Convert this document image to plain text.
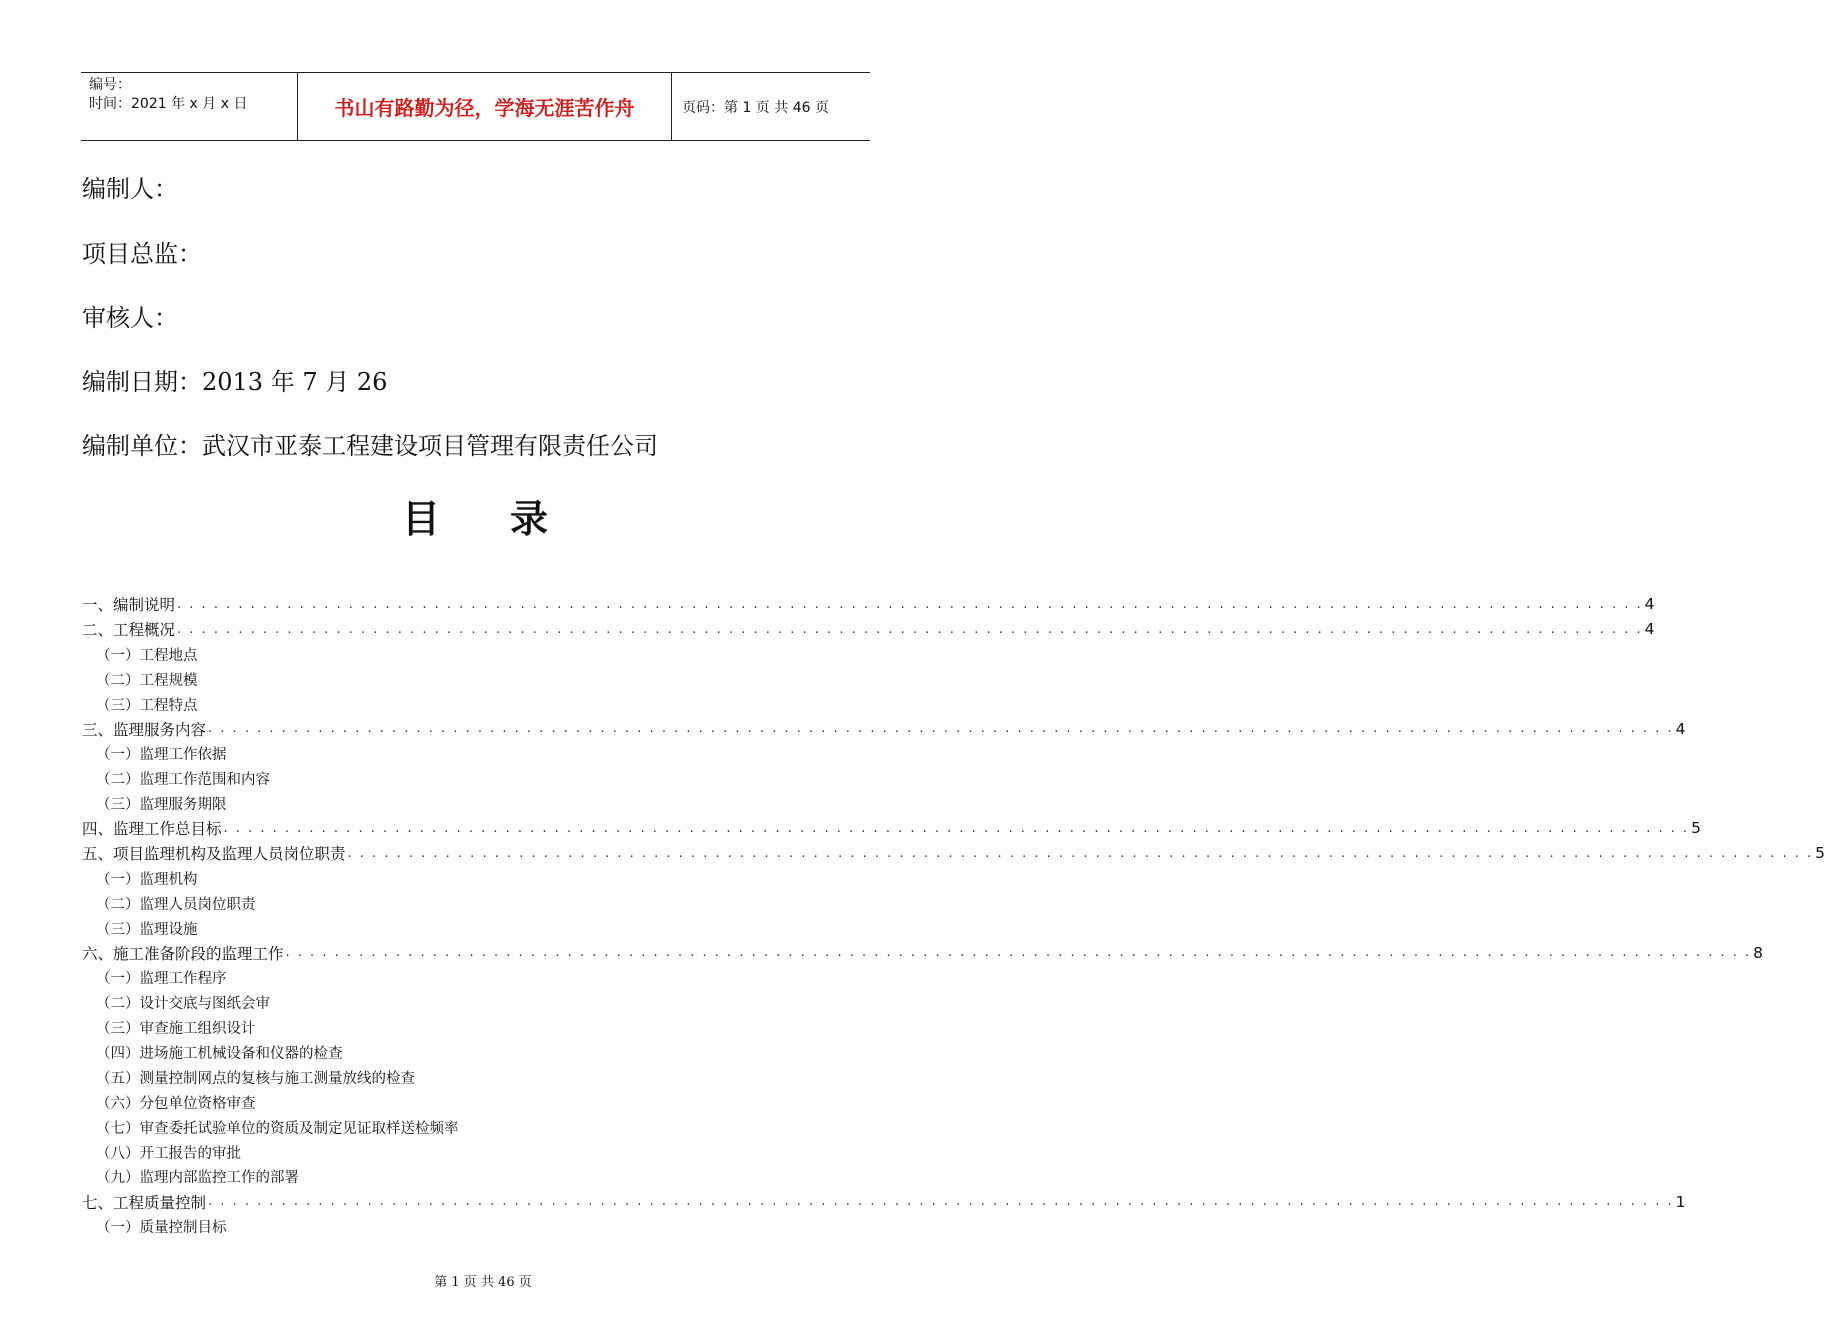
编号：
时间：2021 年 x 月 x 日	书山有路勤为径，学海无涯苦作舟	页码：第 1 页 共 46 页
编制人：
项目总监：
审核人：
编制日期：2013 年 7 月 26
编制单位：武汉市亚泰工程建设项目管理有限责任公司
目 录
一、 编制说明 . . . . . . . . . . . . . . . . . . . . . . . . . . . . . . . . . . . . . . . . . . . . . . . . . . . . . . . . . . . . . . . . . . . . . . . . . . . . . . . . . . . . . . . . . . . . . . . . . . . . . . . . . . . . . . . . . . . . . . . . 4
二、 工程概况 . . . . . . . . . . . . . . . . . . . . . . . . . . . . . . . . . . . . . . . . . . . . . . . . . . . . . . . . . . . . . . . . . . . . . . . . . . . . . . . . . . . . . . . . . . . . . . . . . . . . . . . . . . . . . . . . . . . . . . . . 4
（一）工程地点
（二）工程规模
（三）工程特点
三、 监理服务内容 . . . . . . . . . . . . . . . . . . . . . . . . . . . . . . . . . . . . . . . . . . . . . . . . . . . . . . . . . . . . . . . . . . . . . . . . . . . . . . . . . . . . . . . . . . . . . . . . . . . . . . . . . . . . . . . . . . . . . . . . 4
（一）监理工作依据
（二）监理工作范围和内容
（三）监理服务期限
四、 监理工作总目标 . . . . . . . . . . . . . . . . . . . . . . . . . . . . . . . . . . . . . . . . . . . . . . . . . . . . . . . . . . . . . . . . . . . . . . . . . . . . . . . . . . . . . . . . . . . . . . . . . . . . . . . . . . . . . . . . . . . . . . . . 5
五、 项目监理机构及监理人员岗位职责 . . . . . . . . . . . . . . . . . . . . . . . . . . . . . . . . . . . . . . . . . . . . . . . . . . . . . . . . . . . . . . . . . . . . . . . . . . . . . . . . . . . . . . . . . . . . . . . . . . . . . . . . . . . . . . . . . . . . . . . . 5
（一）监理机构
（二）监理人员岗位职责
（三）监理设施
六、 施工准备阶段的监理工作 . . . . . . . . . . . . . . . . . . . . . . . . . . . . . . . . . . . . . . . . . . . . . . . . . . . . . . . . . . . . . . . . . . . . . . . . . . . . . . . . . . . . . . . . . . . . . . . . . . . . . . . . . . . . . . . . . . . . . . . . 8
（一）监理工作程序
（二）设计交底与图纸会审
（三）审查施工组织设计
（四）进场施工机械设备和仪器的检查
（五）测量控制网点的复核与施工测量放线的检查
（六）分包单位资格审查
（七）审查委托试验单位的资质及制定见证取样送检频率
（八）开工报告的审批
（九）监理内部监控工作的部署
七、 工程质量控制 . . . . . . . . . . . . . . . . . . . . . . . . . . . . . . . . . . . . . . . . . . . . . . . . . . . . . . . . . . . . . . . . . . . . . . . . . . . . . . . . . . . . . . . . . . . . . . . . . . . . . . . . . . . . . . . . . . . . . . . . 1
（一）质量控制目标
第 1 页 共 46 页
